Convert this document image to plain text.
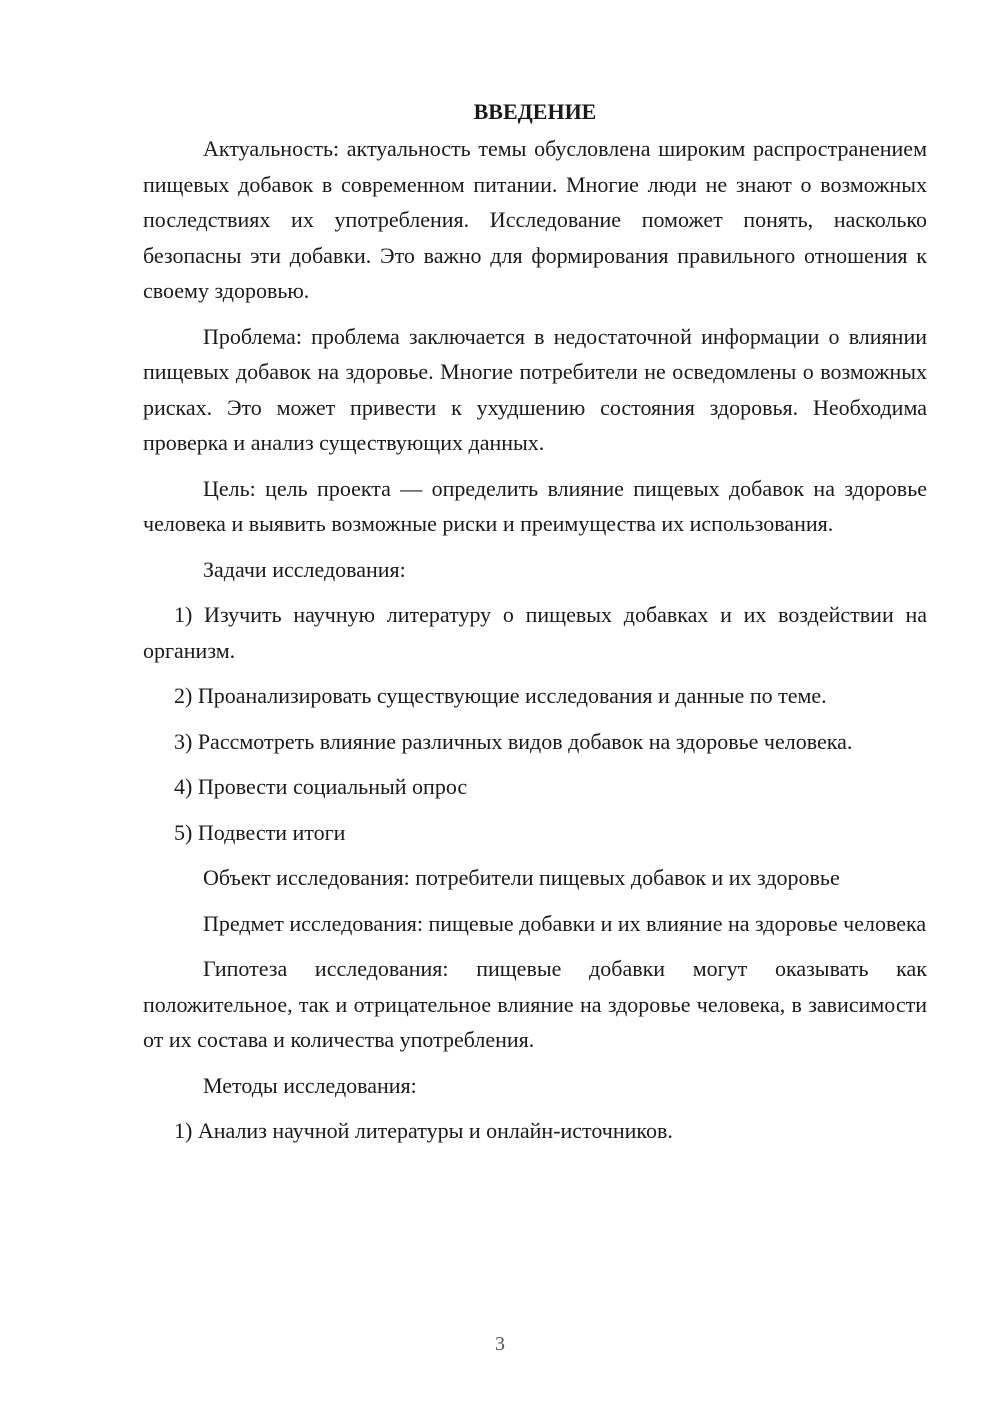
ВВЕДЕНИЕ

Актуальность: актуальность темы обусловлена широким распространением пищевых добавок в современном питании. Многие люди не знают о возможных последствиях их употребления. Исследование поможет понять, насколько безопасны эти добавки. Это важно для формирования правильного отношения к своему здоровью.

Проблема: проблема заключается в недостаточной информации о влиянии пищевых добавок на здоровье. Многие потребители не осведомлены о возможных рисках. Это может привести к ухудшению состояния здоровья. Необходима проверка и анализ существующих данных.

Цель: цель проекта — определить влияние пищевых добавок на здоровье человека и выявить возможные риски и преимущества их использования.

Задачи исследования:

1) Изучить научную литературу о пищевых добавках и их воздействии на организм.

2) Проанализировать существующие исследования и данные по теме.

3) Рассмотреть влияние различных видов добавок на здоровье человека.

4) Провести социальный опрос

5) Подвести итоги

Объект исследования: потребители пищевых добавок и их здоровье

Предмет исследования: пищевые добавки и их влияние на здоровье человека

Гипотеза исследования: пищевые добавки могут оказывать как положительное, так и отрицательное влияние на здоровье человека, в зависимости от их состава и количества употребления.

Методы исследования:

1) Анализ научной литературы и онлайн-источников.

3
